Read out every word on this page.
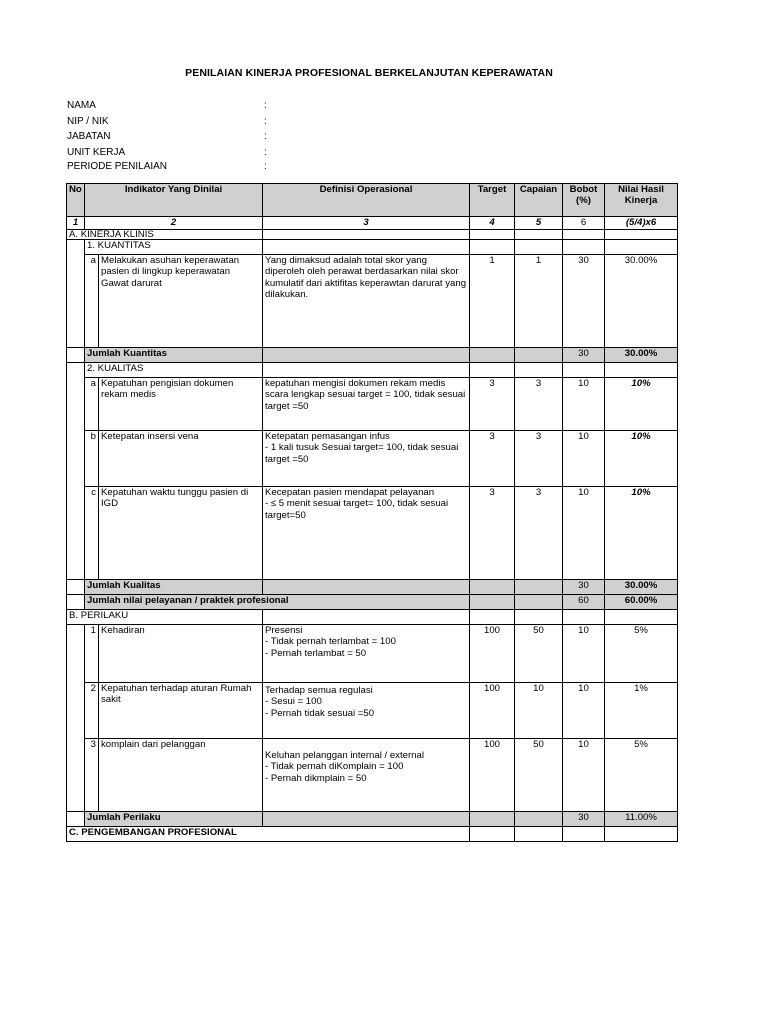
PENILAIAN KINERJA PROFESIONAL BERKELANJUTAN KEPERAWATAN
NAMA	:
NIP / NIK	:
JABATAN	:
UNIT KERJA	:
PERIODE PENILAIAN	:
No	Indikator Yang Dinilai		Definisi Operasional	Target	Capaian	Bobot (%)	Nilai Hasil Kinerja
1	2		3	4	5	6	(5/4)x6
A. KINERJA KLINIS							
	1. KUANTITAS						
	a	Melakukan asuhan keperawatan pasien di lingkup keperawatan Gawat darurat	Yang dimaksud adalah total skor yang diperoleh oleh perawat berdasarkan nilai skor kumulatif dari aktifitas keperawtan darurat yang dilakukan.	1	1	30	30.00%
	Jumlah Kuantitas					30	30.00%
	2. KUALITAS						
	a	Kepatuhan pengisian dokumen rekam medis	kepatuhan mengisi dokumen rekam medis scara lengkap sesuai target = 100, tidak sesuai target =50	3	3	10	10%
	b	Ketepatan insersi vena	Ketepatan pemasangan infus
- 1 kali tusuk Sesuai target= 100, tidak sesuai target =50	3	3	10	10%
	c	Kepatuhan waktu tunggu pasien di IGD	Kecepatan pasien mendapat pelayanan
- ≤ 5 menit sesuai target= 100, tidak sesuai target=50	3	3	10	10%
	Jumlah Kualitas					30	30.00%
	Jumlah nilai pelayanan / praktek profesional					60	60.00%
B. PERILAKU							
	1	Kehadiran	Presensi
- Tidak pernah terlambat = 100
- Pernah terlambat = 50	100	50	10	5%
	2	Kepatuhan terhadap aturan Rumah sakit	Terhadap semua regulasi
- Sesui = 100
- Pernah tidak sesuai =50	100	10	10	1%
	3	komplain dari pelanggan	Keluhan pelanggan internal / external
- Tidak pernah diKomplain = 100
- Pernah dikmplain = 50	100	50	10	5%
	Jumlah Perilaku					30	11.00%
C. PENGEMBANGAN PROFESIONAL							
